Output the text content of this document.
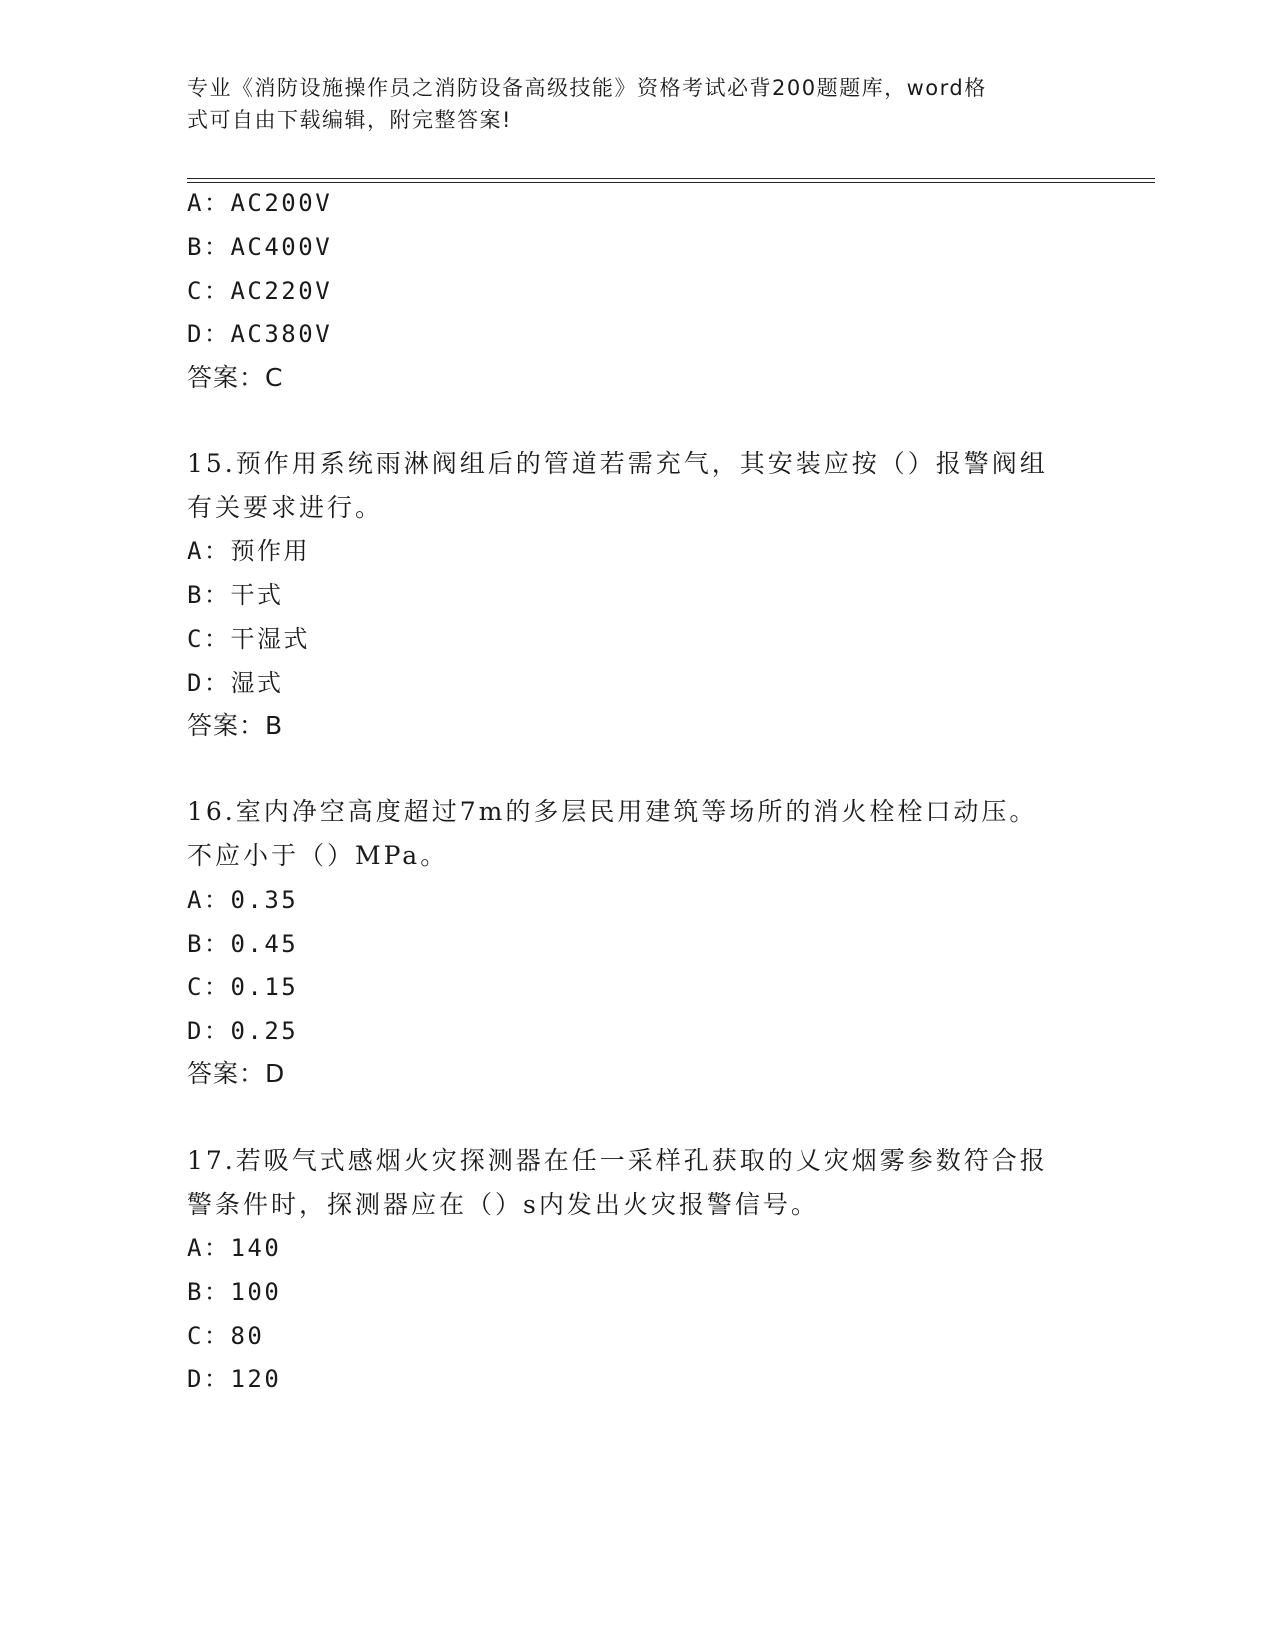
专业《消防设施操作员之消防设备高级技能》资格考试必背200题题库，word格
式可自由下载编辑，附完整答案!
A：AC200V
B：AC400V
C：AC220V
D：AC380V
答案：C
15.预作用系统雨淋阀组后的管道若需充气，其安装应按（）报警阀组
有关要求进行。
A：预作用
B：干式
C：干湿式
D：湿式
答案：B
16.室内净空高度超过7m的多层民用建筑等场所的消火栓栓口动压。
不应小于（）MPa。
A：0.35
B：0.45
C：0.15
D：0.25
答案：D
17.若吸气式感烟火灾探测器在任一采样孔获取的乂灾烟雾参数符合报
警条件时，探测器应在（）s内发出火灾报警信号。
A：140
B：100
C：80
D：120
